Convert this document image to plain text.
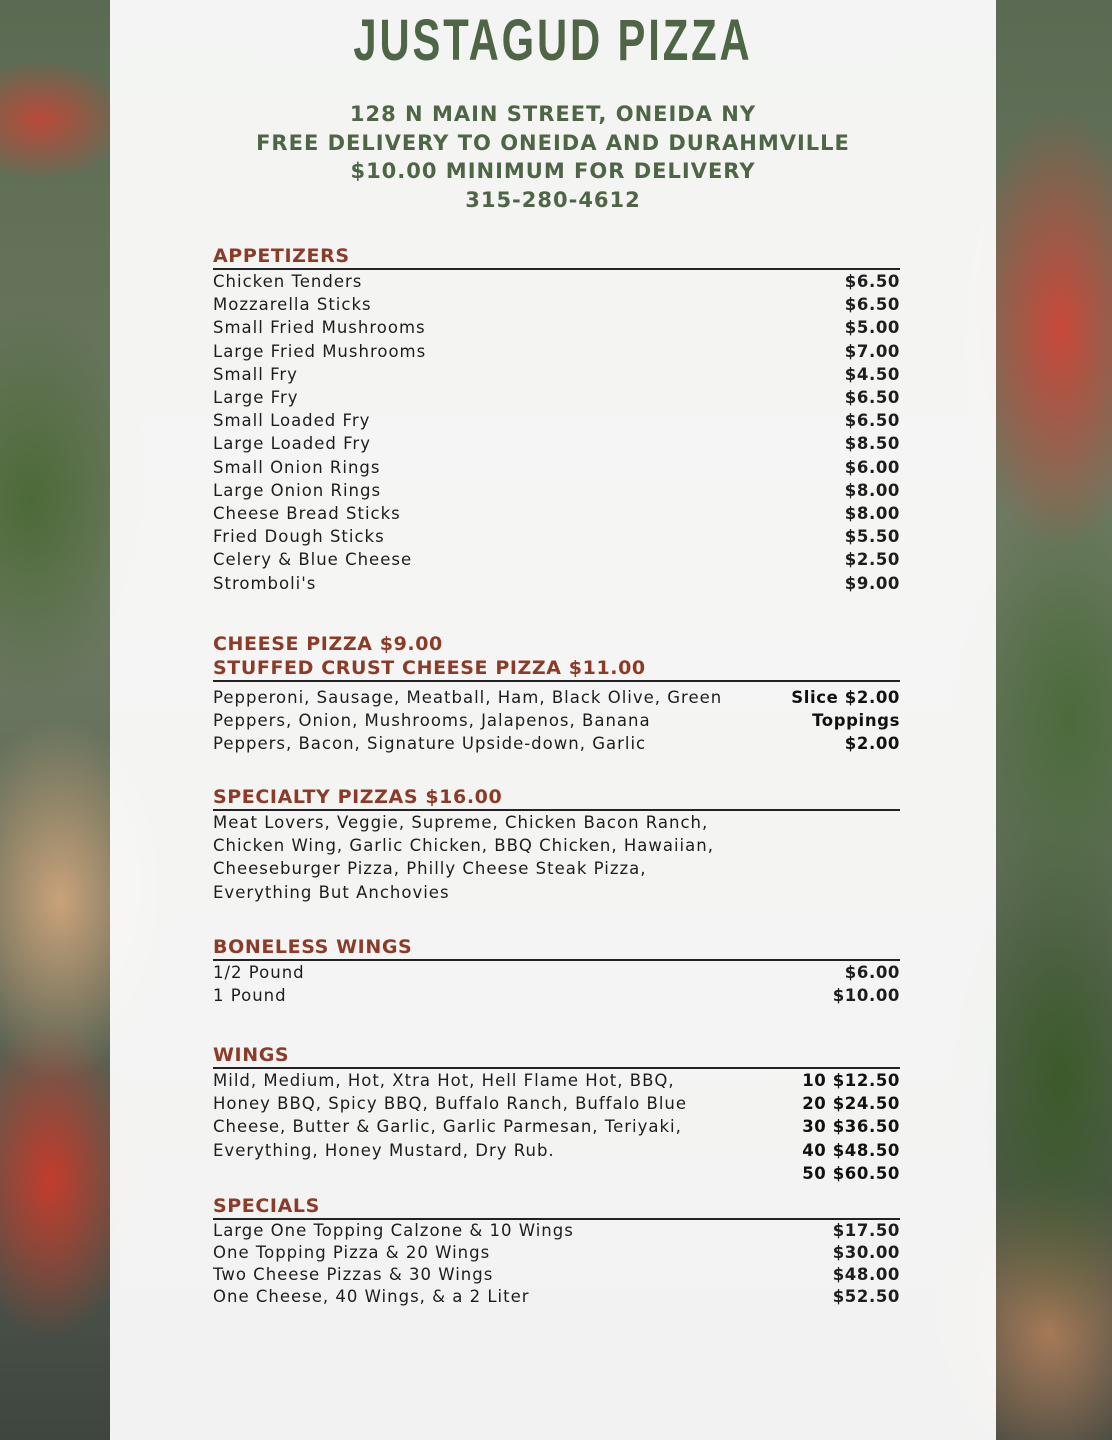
JUSTAGUD PIZZA
128 N MAIN STREET, ONEIDA NY
FREE DELIVERY TO ONEIDA AND DURAHMVILLE
$10.00 MINIMUM FOR DELIVERY
315-280-4612
APPETIZERS
Chicken Tenders	$6.50
Mozzarella Sticks	$6.50
Small Fried Mushrooms	$5.00
Large Fried Mushrooms	$7.00
Small Fry	$4.50
Large Fry	$6.50
Small Loaded Fry	$6.50
Large Loaded Fry	$8.50
Small Onion Rings	$6.00
Large Onion Rings	$8.00
Cheese Bread Sticks	$8.00
Fried Dough Sticks	$5.50
Celery & Blue Cheese	$2.50
Stromboli's	$9.00
CHEESE PIZZA $9.00
STUFFED CRUST CHEESE PIZZA $11.00
Pepperoni, Sausage, Meatball, Ham, Black Olive, Green
Peppers, Onion, Mushrooms, Jalapenos, Banana
Peppers, Bacon, Signature Upside-down, Garlic
Slice $2.00
Toppings
$2.00
SPECIALTY PIZZAS $16.00
Meat Lovers, Veggie, Supreme, Chicken Bacon Ranch,
Chicken Wing, Garlic Chicken, BBQ Chicken, Hawaiian,
Cheeseburger Pizza, Philly Cheese Steak Pizza,
Everything But Anchovies
BONELESS WINGS
1/2 Pound	$6.00
1 Pound	$10.00
WINGS
Mild, Medium, Hot, Xtra Hot, Hell Flame Hot, BBQ,
Honey BBQ, Spicy BBQ, Buffalo Ranch, Buffalo Blue
Cheese, Butter & Garlic, Garlic Parmesan, Teriyaki,
Everything, Honey Mustard, Dry Rub.
10 $12.50
20 $24.50
30 $36.50
40 $48.50
50 $60.50
SPECIALS
Large One Topping Calzone & 10 Wings	$17.50
One Topping Pizza & 20 Wings	$30.00
Two Cheese Pizzas & 30 Wings	$48.00
One Cheese, 40 Wings, & a 2 Liter	$52.50
